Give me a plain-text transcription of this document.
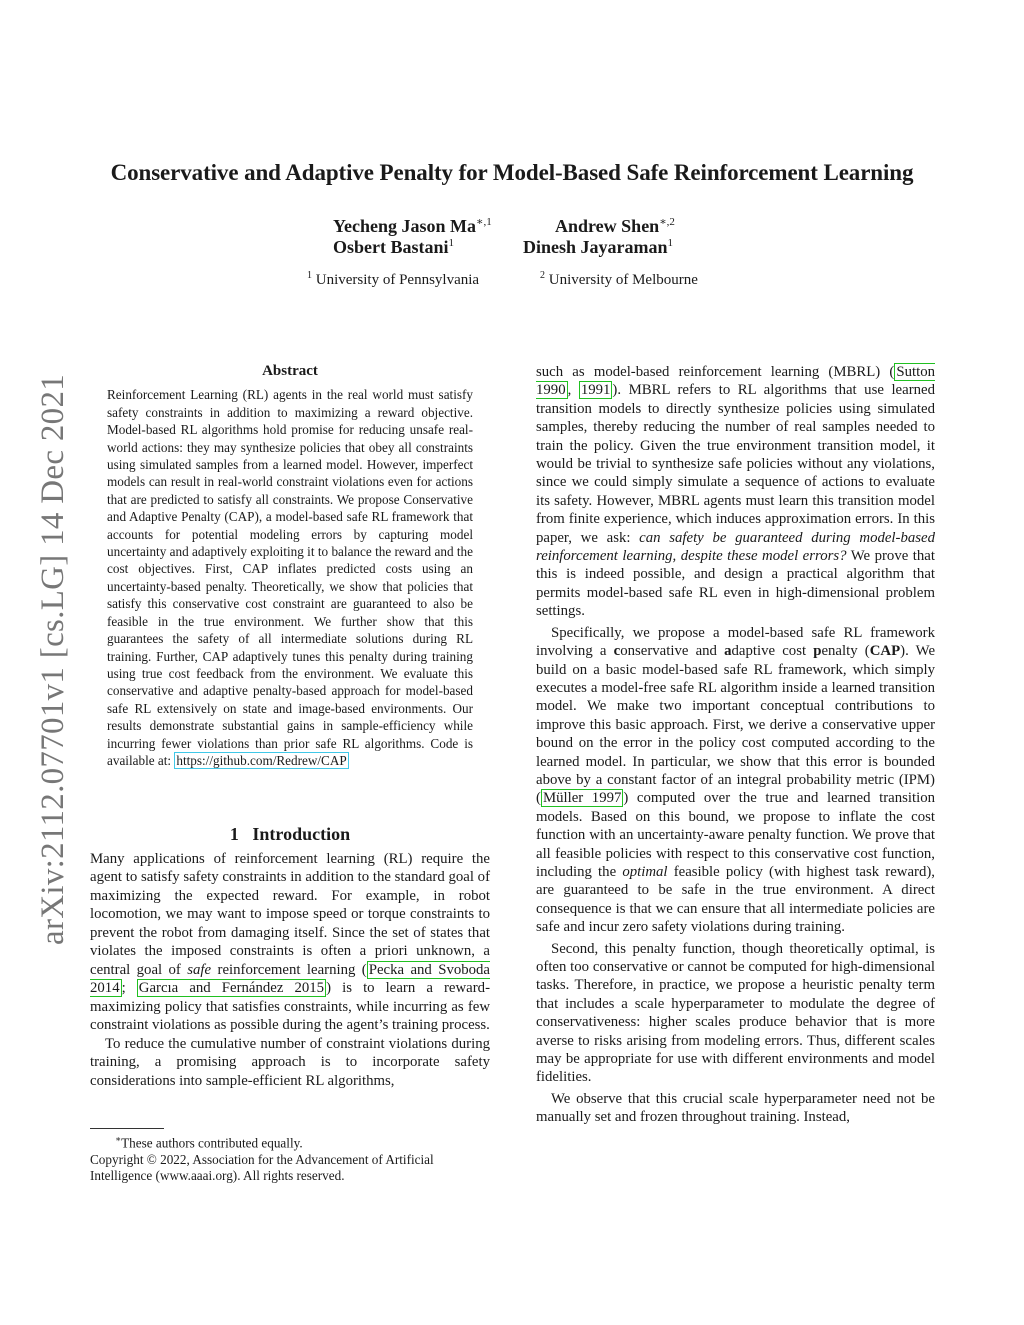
Conservative and Adaptive Penalty for Model-Based Safe Reinforcement Learning
Yecheng Jason $Ma^{∗,1}$	Andrew Shen$^{∗,2}$
Osbert Bastani$^1$	Dinesh Jayaraman$^1$
$^1$ University of Pennsylvania	$^2$ University of Melbourne
arXiv:2112.07701v1 [cs.LG] 14 Dec 2021
Abstract

Reinforcement Learning (RL) agents in the real world must satisfy safety constraints in addition to maximizing a reward objective. Model-based RL algorithms hold promise for reducing unsafe real-world actions: they may synthesize policies that obey all constraints using simulated samples from a learned model. However, imperfect models can result in real-world constraint violations even for actions that are predicted to satisfy all constraints. We propose Conservative and Adaptive Penalty (CAP), a model-based safe RL framework that accounts for potential modeling errors by capturing model uncertainty and adaptively exploiting it to balance the reward and the cost objectives. First, CAP inflates predicted costs using an uncertainty-based penalty. Theoretically, we show that policies that satisfy this conservative cost constraint are guaranteed to also be feasible in the true environment. We further show that this guarantees the safety of all intermediate solutions during RL training. Further, CAP adaptively tunes this penalty during training using true cost feedback from the environment. We evaluate this conservative and adaptive penalty-based approach for model-based safe RL extensively on state and image-based environments. Our results demonstrate substantial gains in sample-efficiency while incurring fewer violations than prior safe RL algorithms. Code is available at: https://github.com/Redrew/CAP

1 Introduction

Many applications of reinforcement learning (RL) require the agent to satisfy safety constraints in addition to the standard goal of maximizing the expected reward. For example, in robot locomotion, we may want to impose speed or torque constraints to prevent the robot from damaging itself. Since the set of states that violates the imposed constraints is often a priori unknown, a central goal of safe reinforcement learning ( Pecka and Svoboda 2014 ; Garcıa and Fernández 2015 ) is to learn a reward-maximizing policy that satisfies constraints, while incurring as few constraint violations as possible during the agent’s training process.

To reduce the cumulative number of constraint violations during training, a promising approach is to incorporate safety considerations into sample-efficient RL algorithms,

∗These authors contributed equally.

Copyright © 2022, Association for the Advancement of Artificial Intelligence (www.aaai.org). All rights reserved.

such as model-based reinforcement learning (MBRL) ( Sutton 1990 , 1991 ). MBRL refers to RL algorithms that use learned transition models to directly synthesize policies using simulated samples, thereby reducing the number of real samples needed to train the policy. Given the true environment transition model, it would be trivial to synthesize safe policies without any violations, since we could simply simulate a sequence of actions to evaluate its safety. However, MBRL agents must learn this transition model from finite experience, which induces approximation errors. In this paper, we ask: can safety be guaranteed during model-based reinforcement learning, despite these model errors? We prove that this is indeed possible, and design a practical algorithm that permits model-based safe RL even in high-dimensional problem settings.

Specifically, we propose a model-based safe RL framework involving a conservative and adaptive cost penalty (CAP). We build on a basic model-based safe RL framework, which simply executes a model-free safe RL algorithm inside a learned transition model. We make two important conceptual contributions to improve this basic approach. First, we derive a conservative upper bound on the error in the policy cost computed according to the learned model. In particular, we show that this error is bounded above by a constant factor of an integral probability metric (IPM) ( Müller 1997 ) computed over the true and learned transition models. Based on this bound, we propose to inflate the cost function with an uncertainty-aware penalty function. We prove that all feasible policies with respect to this conservative cost function, including the optimal feasible policy (with highest task reward), are guaranteed to be safe in the true environment. A direct consequence is that we can ensure that all intermediate policies are safe and incur zero safety violations during training.

Second, this penalty function, though theoretically optimal, is often too conservative or cannot be computed for high-dimensional tasks. Therefore, in practice, we propose a heuristic penalty term that includes a scale hyperparameter to modulate the degree of conservativeness: higher scales produce behavior that is more averse to risks arising from modeling errors. Thus, different scales may be appropriate for use with different environments and model fidelities.

We observe that this crucial scale hyperparameter need not be manually set and frozen throughout training. Instead,
